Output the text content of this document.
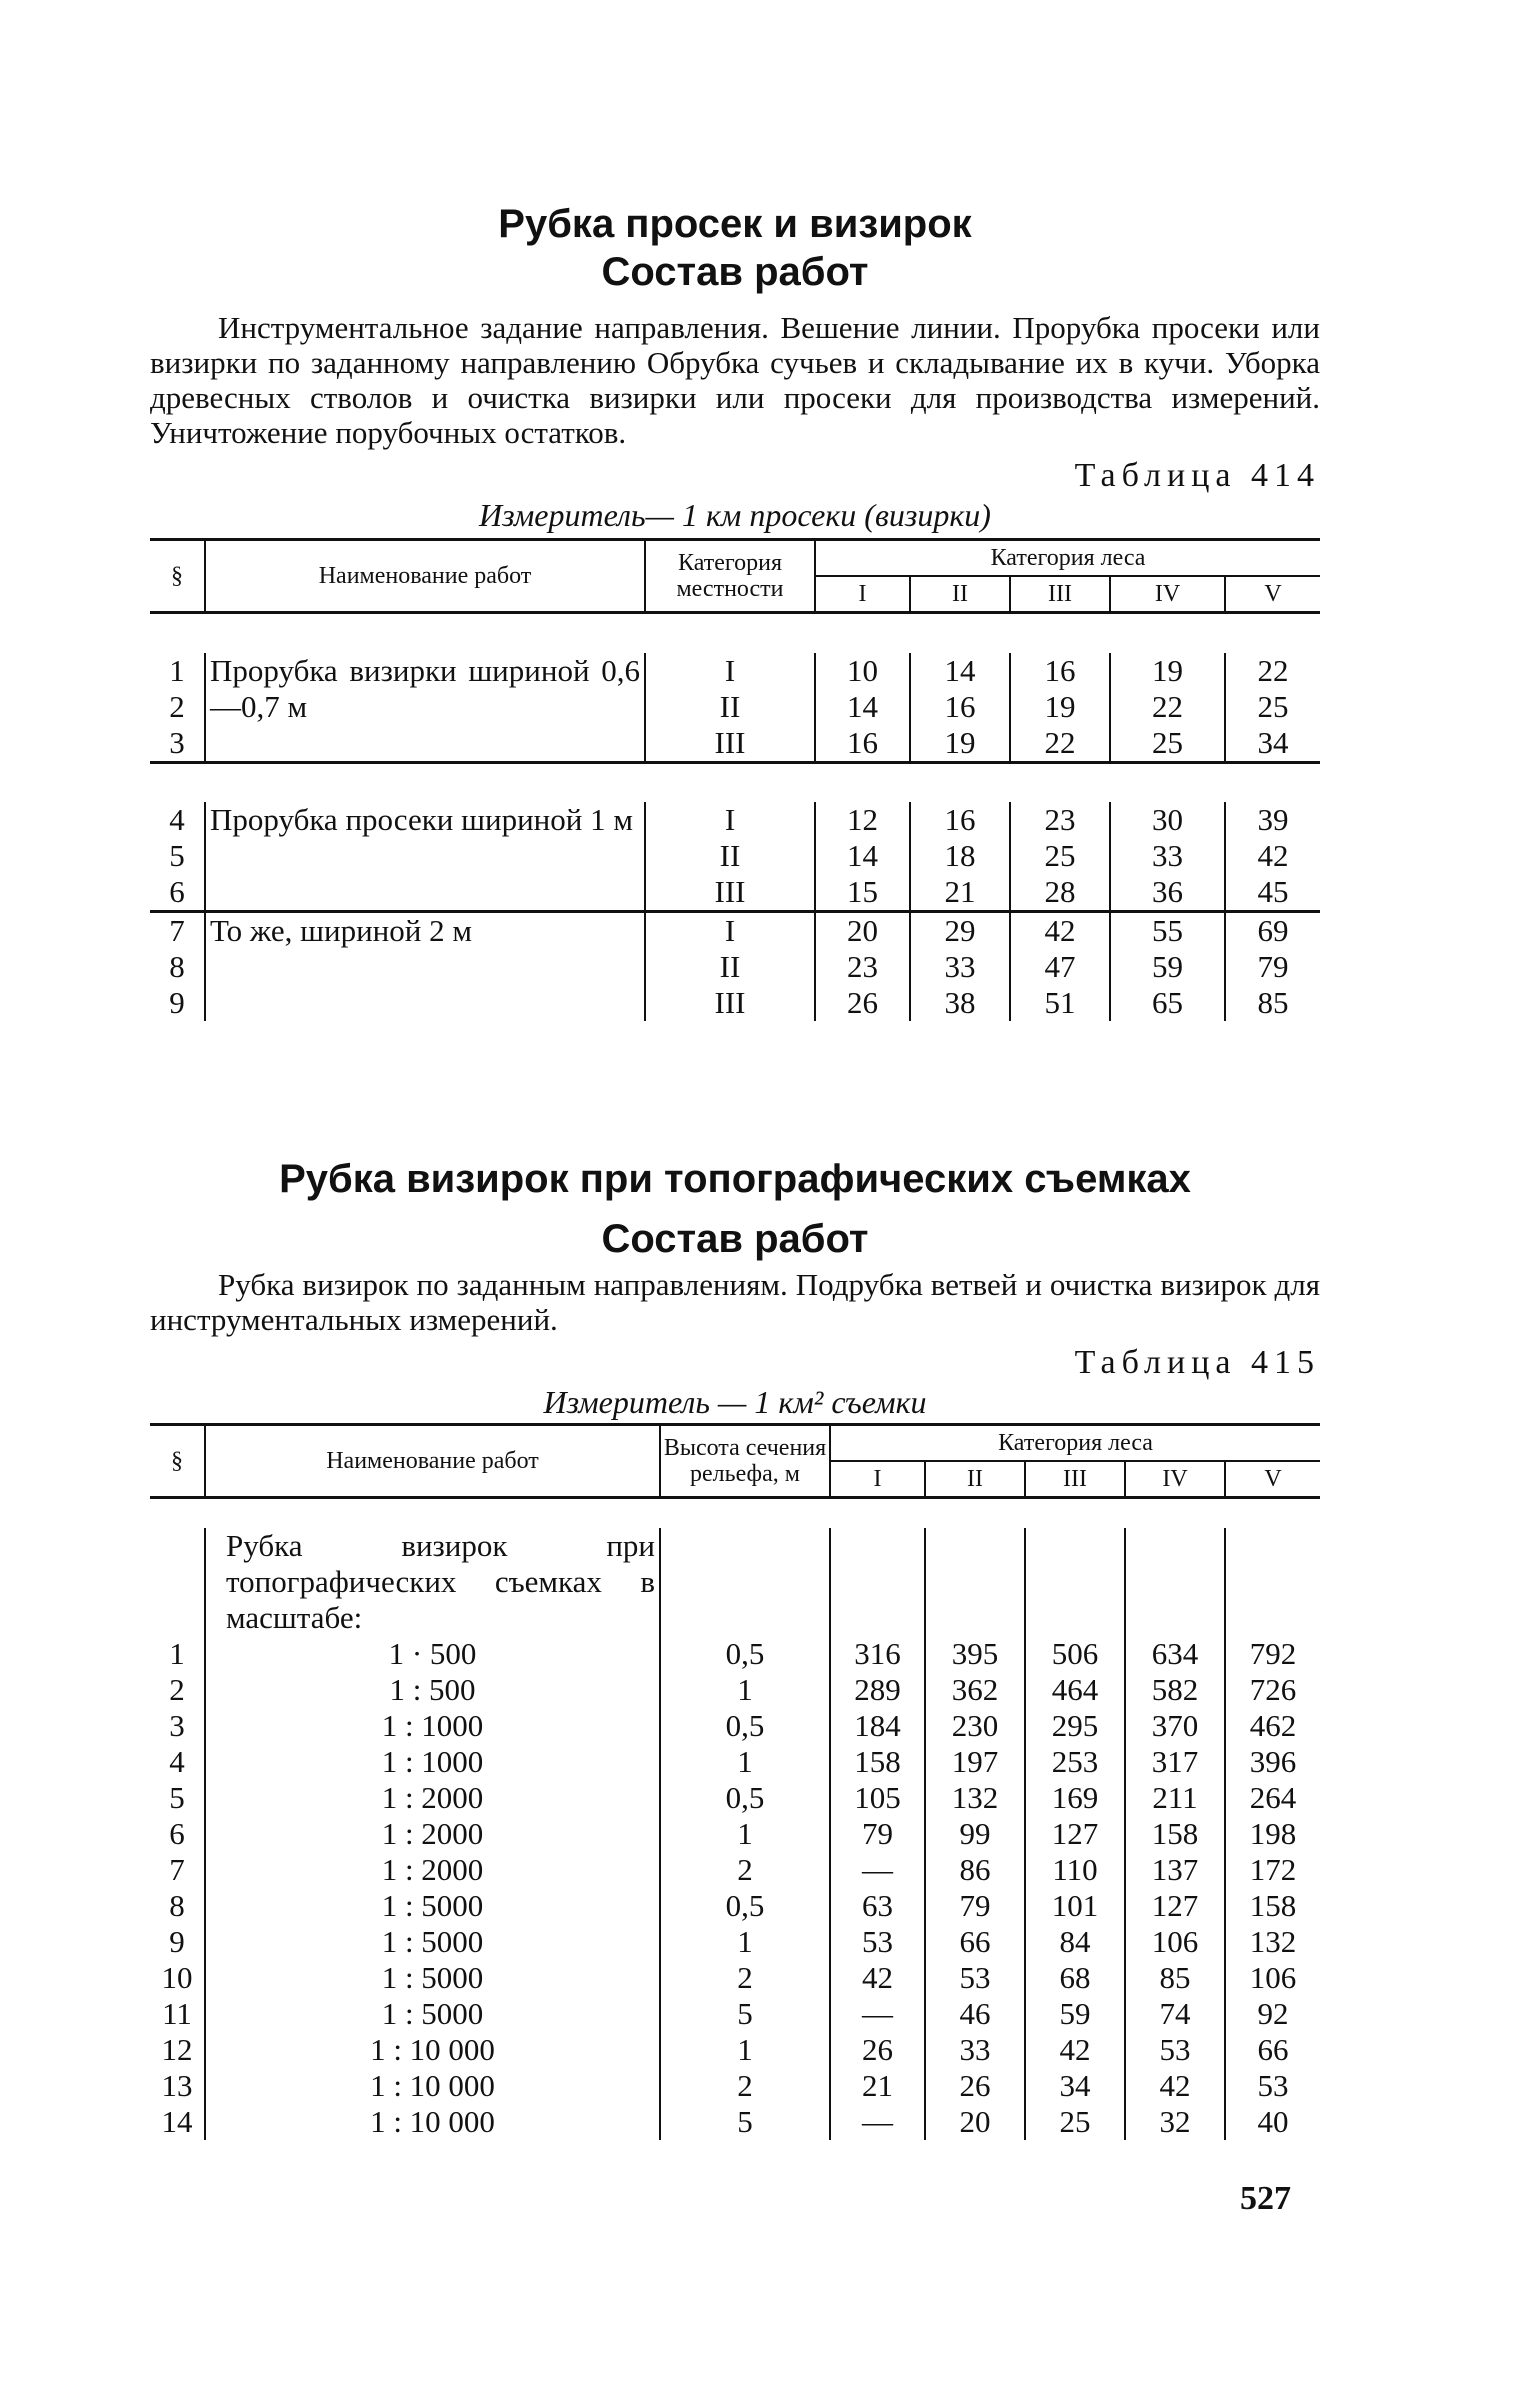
Рубка просек и визирок
Состав работ

Инструментальное задание направления. Вешение линии. Прорубка просеки или визирки по заданному направлению Обрубка сучьев и складывание их в кучи. Уборка древесных стволов и очистка визирки или просеки для производства измерений. Уничтожение порубочных остатков.

Таблица 414
Измеритель— 1 км просеки (визирки)
§	Наименование работ	Категория местности	Категория леса				
			I	II	III	IV	V

1	Прорубка визирки шириной 0,6—0,7 м	I	10	14	16	19	22
2		II	14	16	19	22	25
3		III	16	19	22	25	34

4	Прорубка просеки шириной 1 м	I	12	16	23	30	39
5		II	14	18	25	33	42
6		III	15	21	28	36	45
7	То же, шириной 2 м	I	20	29	42	55	69
8		II	23	33	47	59	79
9		III	26	38	51	65	85
Рубка визирок при топографических съемках
Состав работ

Рубка визирок по заданным направлениям. Подрубка ветвей и очистка визирок для инструментальных измерений.

Таблица 415
Измеритель — 1 км² съемки
§	Наименование работ	Высота сечения рельефа, м	Категория леса				
			I	II	III	IV	V

	Рубка визирок при топографических съемках в масштабе:						
1	1 · 500	0,5	316	395	506	634	792
2	1 : 500	1	289	362	464	582	726
3	1 : 1000	0,5	184	230	295	370	462
4	1 : 1000	1	158	197	253	317	396
5	1 : 2000	0,5	105	132	169	211	264
6	1 : 2000	1	79	99	127	158	198
7	1 : 2000	2	—	86	110	137	172
8	1 : 5000	0,5	63	79	101	127	158
9	1 : 5000	1	53	66	84	106	132
10	1 : 5000	2	42	53	68	85	106
11	1 : 5000	5	—	46	59	74	92
12	1 : 10 000	1	26	33	42	53	66
13	1 : 10 000	2	21	26	34	42	53
14	1 : 10 000	5	—	20	25	32	40
527
